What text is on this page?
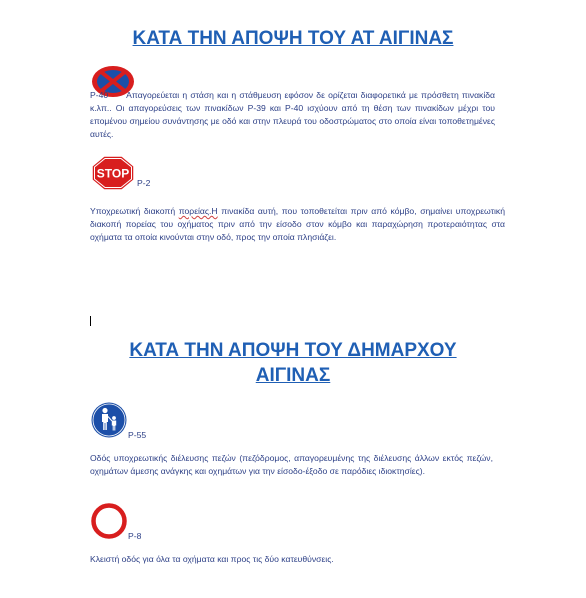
ΚΑΤΑ ΤΗΝ ΑΠΟΨΗ ΤΟΥ ΑΤ ΑΙΓΙΝΑΣ

Ρ-40 Απαγορεύεται η στάση και η στάθμευση εφόσον δε ορίζεται διαφορετικά με πρόσθετη πινακίδα κ.λπ.. Οι απαγορεύσεις των πινακίδων Ρ-39 και Ρ-40 ισχύουν από τη θέση των πινακίδων μέχρι του επομένου σημείου συνάντησης με οδό και στην πλευρά του οδοστρώματος στο οποία είναι τοποθετημένες αυτές.

STOP
Ρ-2

Υποχρεωτική διακοπή πορείας.Η πινακίδα αυτή, που τοποθετείται πριν από κόμβο, σημαίνει υποχρεωτική διακοπή πορείας του οχήματος πριν από την είσοδο στον κόμβο και παραχώρηση προτεραιότητας στα οχήματα τα οποία κινούνται στην οδό, προς την οποία πλησιάζει.

ΚΑΤΑ ΤΗΝ ΑΠΟΨΗ ΤΟΥ ΔΗΜΑΡΧΟΥ
ΑΙΓΙΝΑΣ
Ρ-55

Οδός υποχρεωτικής διέλευσης πεζών (πεζόδρομος, απαγορευμένης της διέλευσης άλλων εκτός πεζών, οχημάτων άμεσης ανάγκης και οχημάτων για την είσοδο-έξοδο σε παρόδιες ιδιοκτησίες).

Ρ-8

Κλειστή οδός για όλα τα οχήματα και προς τις δύο κατευθύνσεις.
